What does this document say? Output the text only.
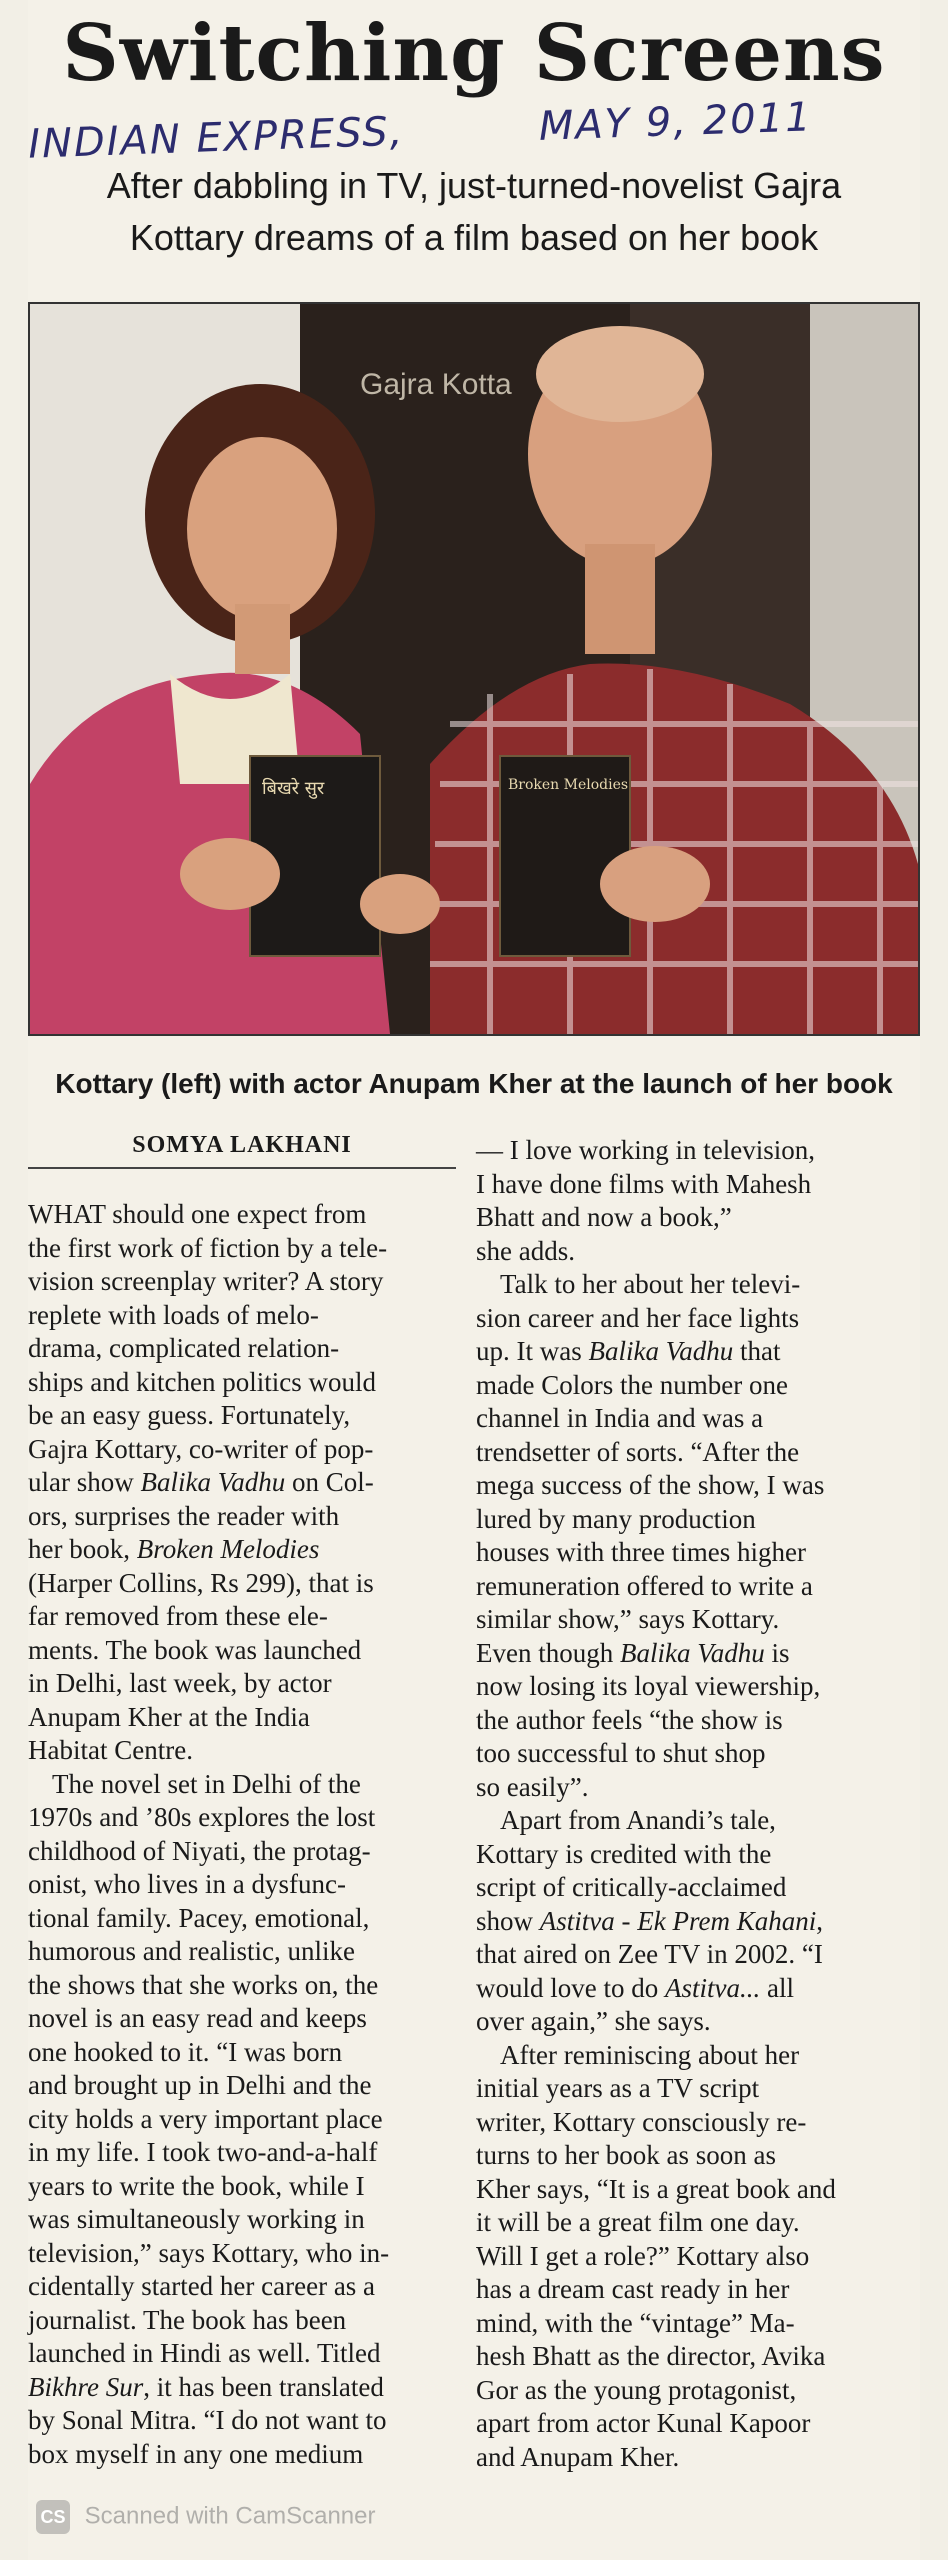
Switching Screens
INDIAN EXPRESS,	MAY 9, 2011
After dabbling in TV, just-turned-novelist Gajra
Kottary dreams of a film based on her book
Gajra Kotta
बिखरे सुर	Broken Melodies
Kottary (left) with actor Anupam Kher at the launch of her book
SOMYA LAKHANI

WHAT should one expect from
the first work of fiction by a tele-
vision screenplay writer? A story
replete with loads of melo-
drama, complicated relation-
ships and kitchen politics would
be an easy guess. Fortunately,
Gajra Kottary, co-writer of pop-
ular show Balika Vadhu on Col-
ors, surprises the reader with
her book, Broken Melodies
(Harper Collins, Rs 299), that is
far removed from these ele-
ments. The book was launched
in Delhi, last week, by actor
Anupam Kher at the India
Habitat Centre.

The novel set in Delhi of the
1970s and ’80s explores the lost
childhood of Niyati, the protag-
onist, who lives in a dysfunc-
tional family. Pacey, emotional,
humorous and realistic, unlike
the shows that she works on, the
novel is an easy read and keeps
one hooked to it. “I was born
and brought up in Delhi and the
city holds a very important place
in my life. I took two-and-a-half
years to write the book, while I
was simultaneously working in
television,” says Kottary, who in-
cidentally started her career as a
journalist. The book has been
launched in Hindi as well. Titled
Bikhre Sur, it has been translated
by Sonal Mitra. “I do not want to
box myself in any one medium

— I love working in television,
I have done films with Mahesh
Bhatt and now a book,”
she adds.

Talk to her about her televi-
sion career and her face lights
up. It was Balika Vadhu that
made Colors the number one
channel in India and was a
trendsetter of sorts. “After the
mega success of the show, I was
lured by many production
houses with three times higher
remuneration offered to write a
similar show,” says Kottary.
Even though Balika Vadhu is
now losing its loyal viewership,
the author feels “the show is
too successful to shut shop
so easily”.

Apart from Anandi’s tale,
Kottary is credited with the
script of critically-acclaimed
show Astitva - Ek Prem Kahani,
that aired on Zee TV in 2002. “I
would love to do Astitva... all
over again,” she says.

After reminiscing about her
initial years as a TV script
writer, Kottary consciously re-
turns to her book as soon as
Kher says, “It is a great book and
it will be a great film one day.
Will I get a role?” Kottary also
has a dream cast ready in her
mind, with the “vintage” Ma-
hesh Bhatt as the director, Avika
Gor as the young protagonist,
apart from actor Kunal Kapoor
and Anupam Kher.

CS Scanned with CamScanner
